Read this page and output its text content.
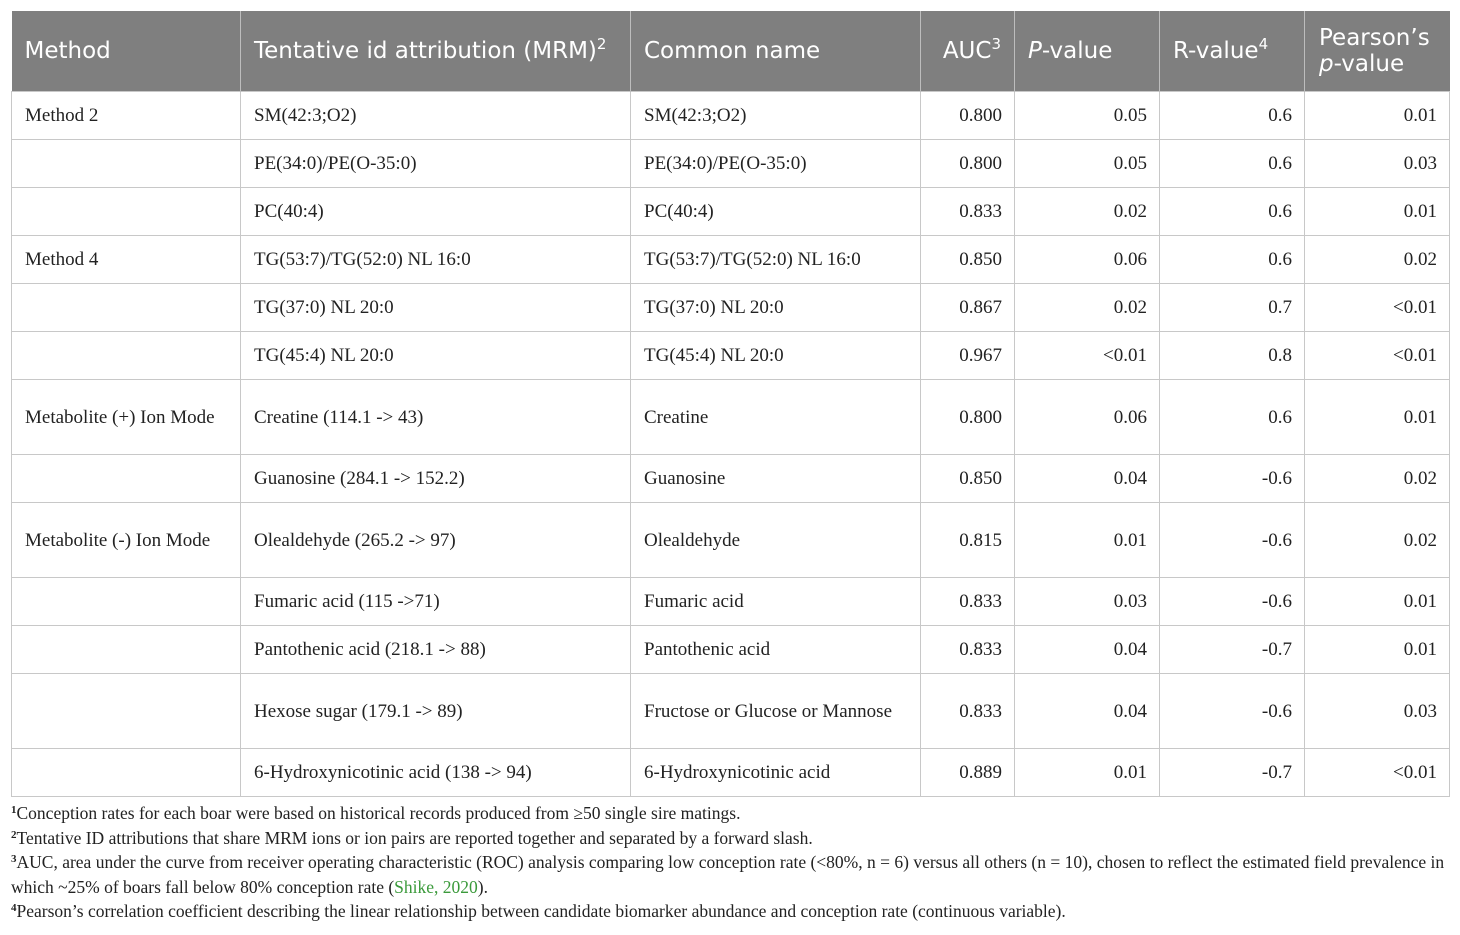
Method	Tentative id attribution (MRM)$^2$	Common name	AUC$^3$	P-value	R-value$^4$	Pearson’s
p-value
Method 2	SM(42:3;O2)	SM(42:3;O2)	0.800	0.05	0.6	0.01
	PE(34:0)/PE(O-35:0)	PE(34:0)/PE(O-35:0)	0.800	0.05	0.6	0.03
	PC(40:4)	PC(40:4)	0.833	0.02	0.6	0.01
Method 4	TG(53:7)/TG(52:0) NL 16:0	TG(53:7)/TG(52:0) NL 16:0	0.850	0.06	0.6	0.02
	TG(37:0) NL 20:0	TG(37:0) NL 20:0	0.867	0.02	0.7	<0.01
	TG(45:4) NL 20:0	TG(45:4) NL 20:0	0.967	<0.01	0.8	<0.01
Metabolite (+) Ion Mode	Creatine (114.1 -> 43)	Creatine	0.800	0.06	0.6	0.01
	Guanosine (284.1 -> 152.2)	Guanosine	0.850	0.04	-0.6	0.02
Metabolite (-) Ion Mode	Olealdehyde (265.2 -> 97)	Olealdehyde	0.815	0.01	-0.6	0.02
	Fumaric acid (115 ->71)	Fumaric acid	0.833	0.03	-0.6	0.01
	Pantothenic acid (218.1 -> 88)	Pantothenic acid	0.833	0.04	-0.7	0.01
	Hexose sugar (179.1 -> 89)	Fructose or Glucose or Mannose	0.833	0.04	-0.6	0.03
	6-Hydroxynicotinic acid (138 -> 94)	6-Hydroxynicotinic acid	0.889	0.01	-0.7	<0.01

$^1$Conception rates for each boar were based on historical records produced from ≥50 single sire matings.

$^2$Tentative ID attributions that share MRM ions or ion pairs are reported together and separated by a forward slash.

$^3$AUC, area under the curve from receiver operating characteristic (ROC) analysis comparing low conception rate (<80%, n = 6) versus all others (n = 10), chosen to reflect the estimated field prevalence in which ~25% of boars fall below 80% conception rate (Shike, 2020).

$^4$Pearson’s correlation coefficient describing the linear relationship between candidate biomarker abundance and conception rate (continuous variable).
